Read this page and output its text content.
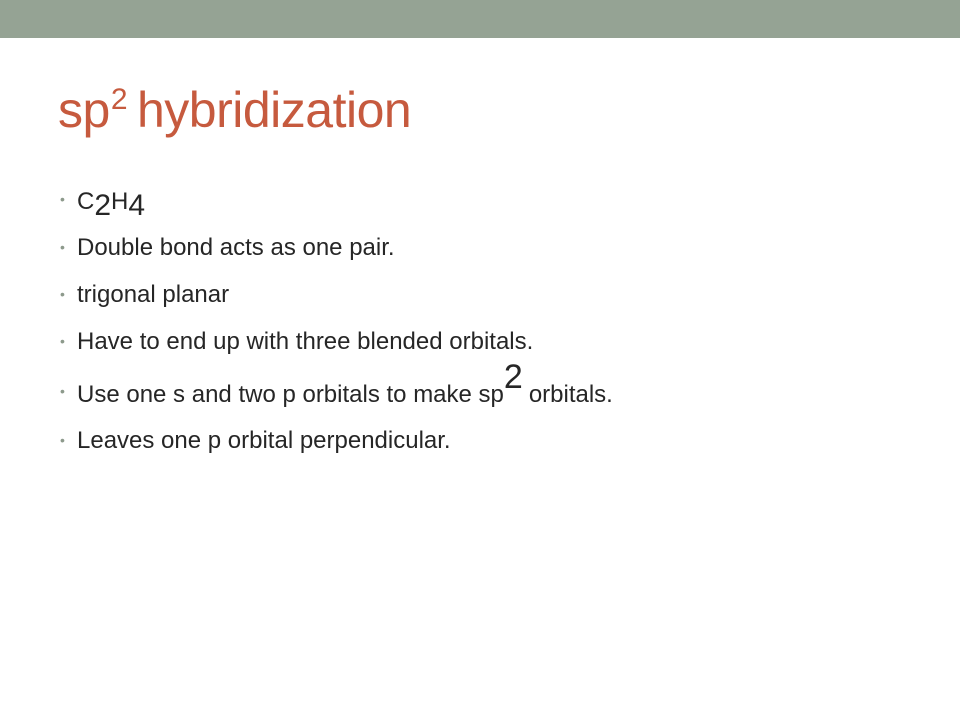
$sp^2$ hybridization
• C2H4
• Double bond acts as one pair.
• trigonal planar
• Have to end up with three blended orbitals.
• Use one s and two p orbitals to make sp2 orbitals.
• Leaves one p orbital perpendicular.
